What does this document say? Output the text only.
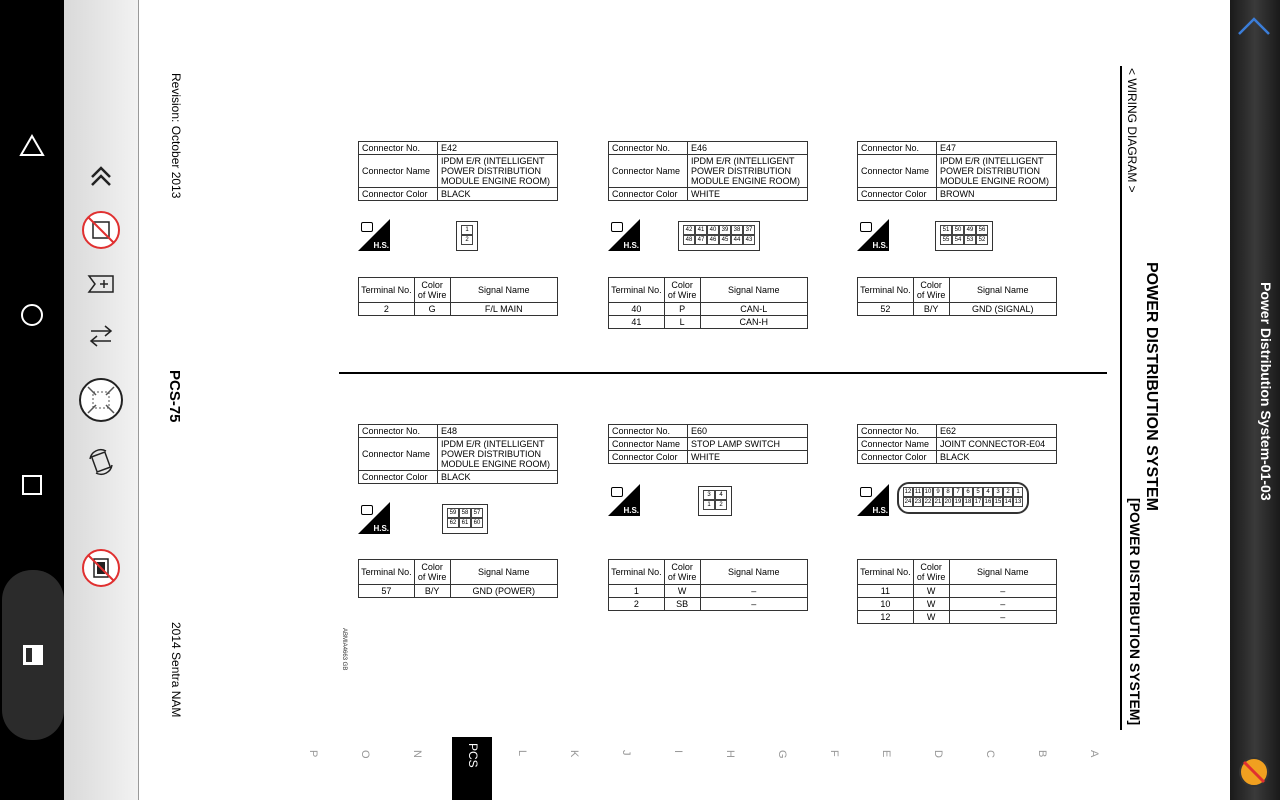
Revision: October 2013
PCS-75
2014 Sentra NAM	ABMIA4663 GB
< WIRING DIAGRAM >
POWER DISTRIBUTION SYSTEM
[POWER DISTRIBUTION SYSTEM]
PCS
P	O	N	L	K	J	I	H	G	F	E	D	C	B	A
Connector No.	E42
Connector Name	IPDM E/R (INTELLIGENT POWER DISTRIBUTION MODULE ENGINE ROOM)
Connector Color	BLACK
H.S.
1
2
Terminal No.	Color of Wire	Signal Name
2	G	F/L MAIN
Connector No.	E46
Connector Name	IPDM E/R (INTELLIGENT POWER DISTRIBUTION MODULE ENGINE ROOM)
Connector Color	WHITE
H.S.
42 41 40 39 38 37
48 47 46 45 44 43
Terminal No.	Color of Wire	Signal Name
40	P	CAN-L
41	L	CAN-H
Connector No.	E47
Connector Name	IPDM E/R (INTELLIGENT POWER DISTRIBUTION MODULE ENGINE ROOM)
Connector Color	BROWN
H.S.
51 50 49 56
55 54 53 52
Terminal No.	Color of Wire	Signal Name
52	B/Y	GND (SIGNAL)
Connector No.	E48
Connector Name	IPDM E/R (INTELLIGENT POWER DISTRIBUTION MODULE ENGINE ROOM)
Connector Color	BLACK
H.S.
59 58 57
62 61 60
Terminal No.	Color of Wire	Signal Name
57	B/Y	GND (POWER)
Connector No.	E60
Connector Name	STOP LAMP SWITCH
Connector Color	WHITE
H.S.
3	4
1	2
Terminal No.	Color of Wire	Signal Name
1	W	–
2	SB	–
Connector No.	E62
Connector Name	JOINT CONNECTOR-E04
Connector Color	BLACK
H.S.
12 11 10 9	8	7	6	5	4	3	2	1
24 23 22 21 20 19 18 17 16 15 14 13
Terminal No.	Color of Wire	Signal Name
11	W	–
10	W	–
12	W	–
Power Distribution System-01-03
